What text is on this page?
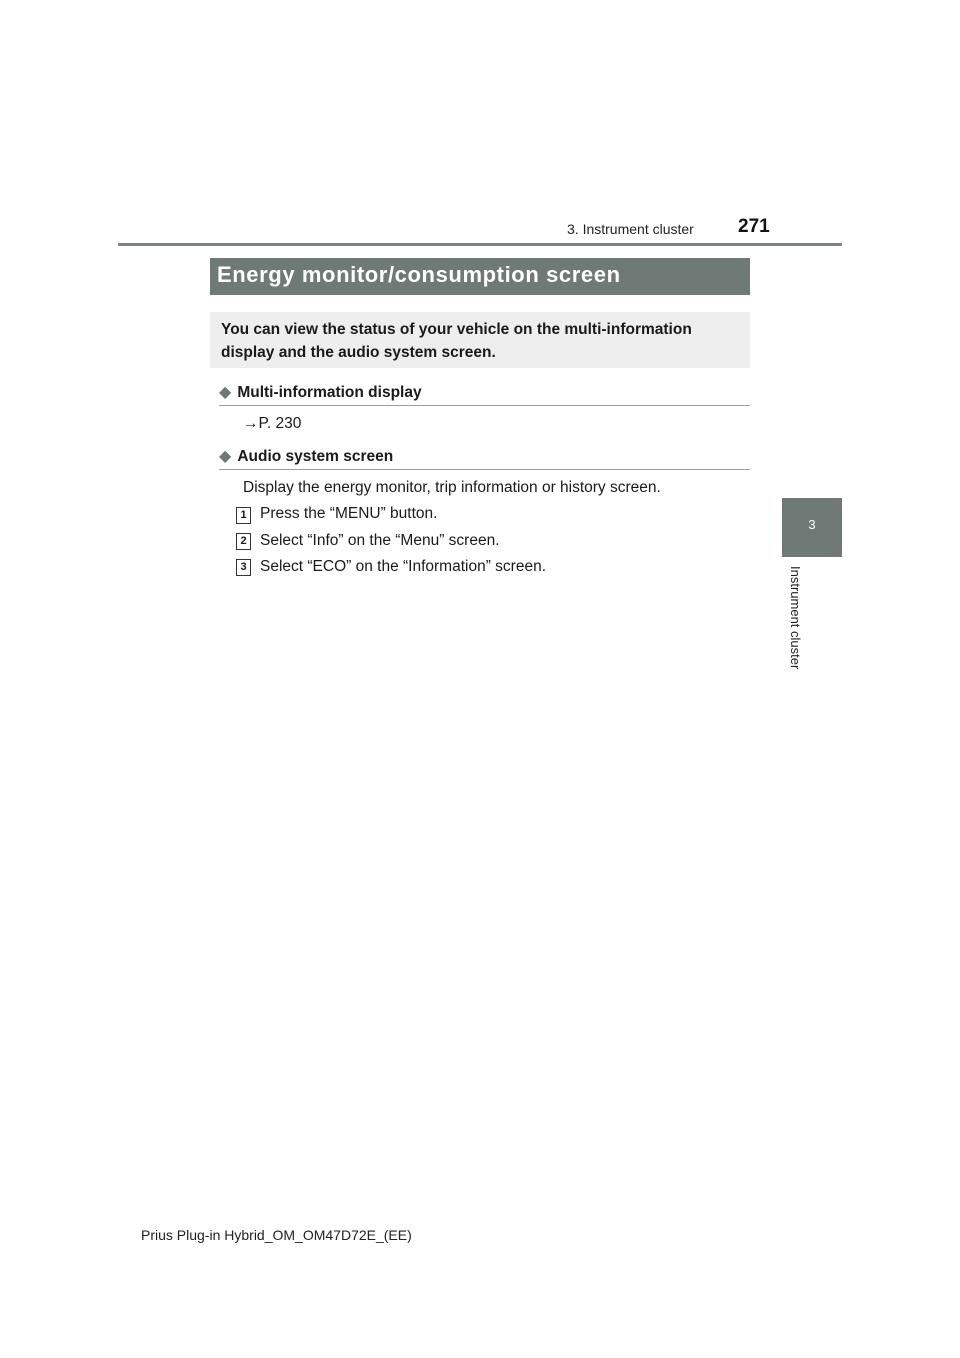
3. Instrument cluster 271
3
Instrument cluster
Energy monitor/consumption screen
You can view the status of your vehicle on the multi-information display and the audio system screen.
◆ Multi-information display
→P. 230
◆ Audio system screen
Display the energy monitor, trip information or history screen.
1 Press the “MENU” button.
2 Select “Info” on the “Menu” screen.
3 Select “ECO” on the “Information” screen.
Prius Plug-in Hybrid_OM_OM47D72E_(EE)
